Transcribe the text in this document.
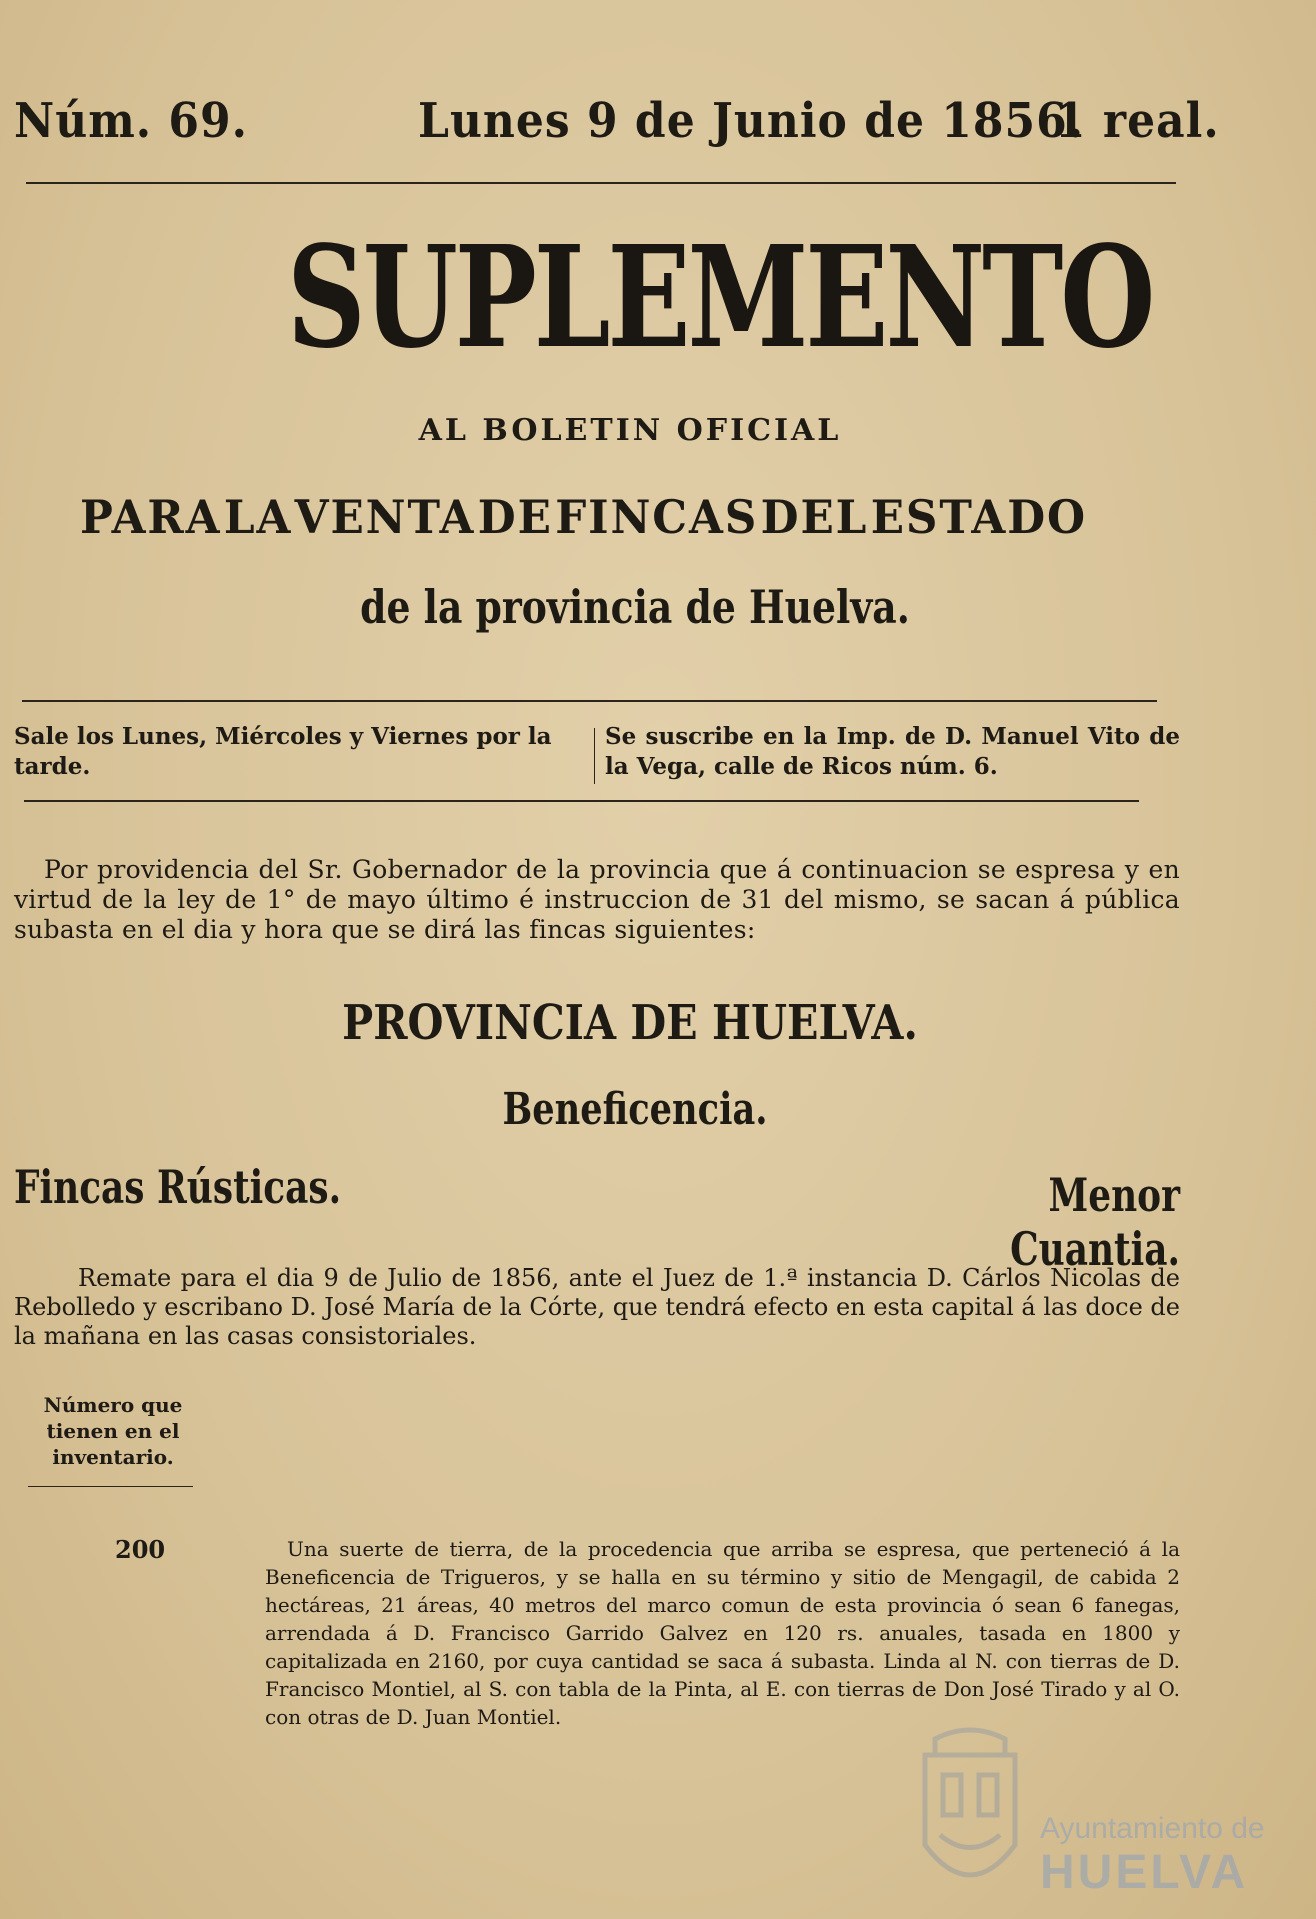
Núm. 69.	Lunes 9 de Junio de 1856.
1 real.
SUPLEMENTO
AL BOLETIN OFICIAL
PARA LA VENTA DE FINCAS DEL ESTADO
de la provincia de Huelva.
Sale los Lunes, Miércoles y Viernes por la tarde.
Se suscribe en la Imp. de D. Manuel Vito de la Vega, calle de Ricos núm. 6.
Por providencia del Sr. Gobernador de la provincia que á continuacion se espresa y en virtud de la ley de 1° de mayo último é instruccion de 31 del mismo, se sacan á pública subasta en el dia y hora que se dirá las fincas siguientes:
PROVINCIA DE HUELVA.
Beneficencia.
Fincas Rústicas.	Menor Cuantia.
Remate para el dia 9 de Julio de 1856, ante el Juez de 1.ª instancia D. Cárlos Nicolas de Rebolledo y escribano D. José María de la Córte, que tendrá efecto en esta capital á las doce de la mañana en las casas consistoriales.
Número que tienen en el inventario.
200	Una suerte de tierra, de la procedencia que arriba se espresa, que perteneció á la Beneficencia de Trigueros, y se halla en su término y sitio de Mengagil, de cabida 2 hectáreas, 21 áreas, 40 metros del marco comun de esta provincia ó sean 6 fanegas, arrendada á D. Francisco Garrido Galvez en 120 rs. anuales, tasada en 1800 y capitalizada en 2160, por cuya cantidad se saca á subasta. Linda al N. con tierras de D. Francisco Montiel, al S. con tabla de la Pinta, al E. con tierras de Don José Tirado y al O. con otras de D. Juan Montiel.
Ayuntamiento de
HUELVA
